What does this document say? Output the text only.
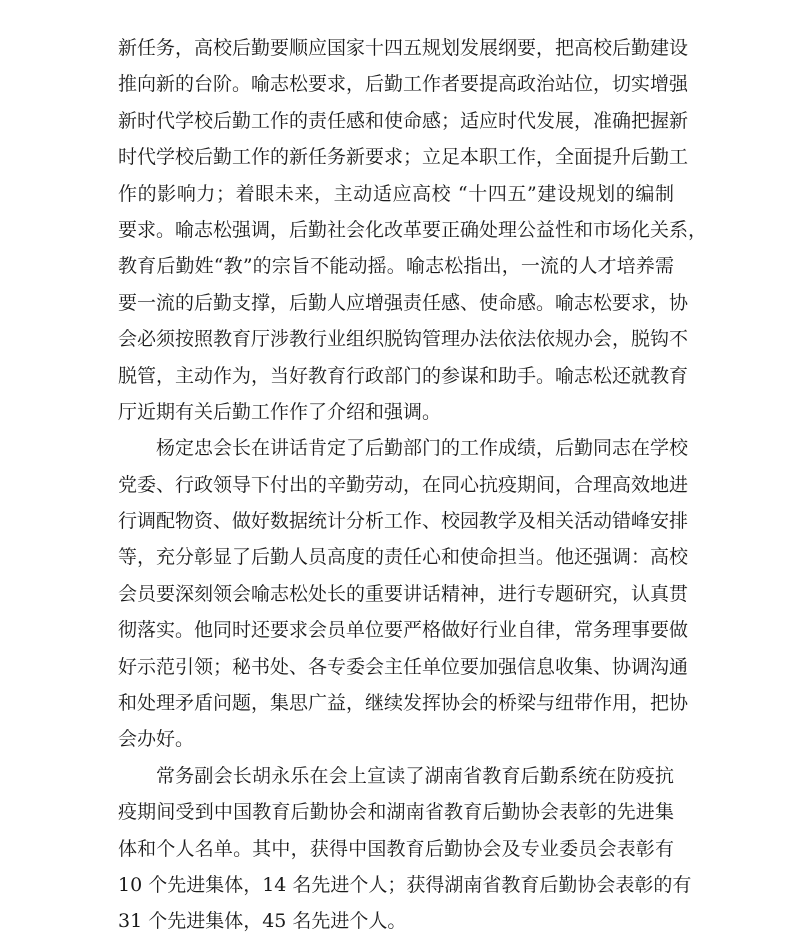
新任务，高校后勤要顺应国家十四五规划发展纲要，把高校后勤建设
推向新的台阶。喻志松要求，后勤工作者要提高政治站位，切实增强
新时代学校后勤工作的责任感和使命感；适应时代发展，准确把握新
时代学校后勤工作的新任务新要求；立足本职工作，全面提升后勤工
作的影响力；着眼未来，主动适应高校 “十四五”建设规划的编制
要求。喻志松强调，后勤社会化改革要正确处理公益性和市场化关系，
教育后勤姓“教”的宗旨不能动摇。喻志松指出，一流的人才培养需
要一流的后勤支撑，后勤人应增强责任感、使命感。喻志松要求，协
会必须按照教育厅涉教行业组织脱钩管理办法依法依规办会，脱钩不
脱管，主动作为，当好教育行政部门的参谋和助手。喻志松还就教育
厅近期有关后勤工作作了介绍和强调。
杨定忠会长在讲话肯定了后勤部门的工作成绩，后勤同志在学校
党委、行政领导下付出的辛勤劳动，在同心抗疫期间，合理高效地进
行调配物资、做好数据统计分析工作、校园教学及相关活动错峰安排
等，充分彰显了后勤人员高度的责任心和使命担当。他还强调：高校
会员要深刻领会喻志松处长的重要讲话精神，进行专题研究，认真贯
彻落实。他同时还要求会员单位要严格做好行业自律，常务理事要做
好示范引领；秘书处、各专委会主任单位要加强信息收集、协调沟通
和处理矛盾问题，集思广益，继续发挥协会的桥梁与纽带作用，把协
会办好。
常务副会长胡永乐在会上宣读了湖南省教育后勤系统在防疫抗
疫期间受到中国教育后勤协会和湖南省教育后勤协会表彰的先进集
体和个人名单。其中，获得中国教育后勤协会及专业委员会表彰有
10 个先进集体，14 名先进个人；获得湖南省教育后勤协会表彰的有
31 个先进集体，45 名先进个人。
